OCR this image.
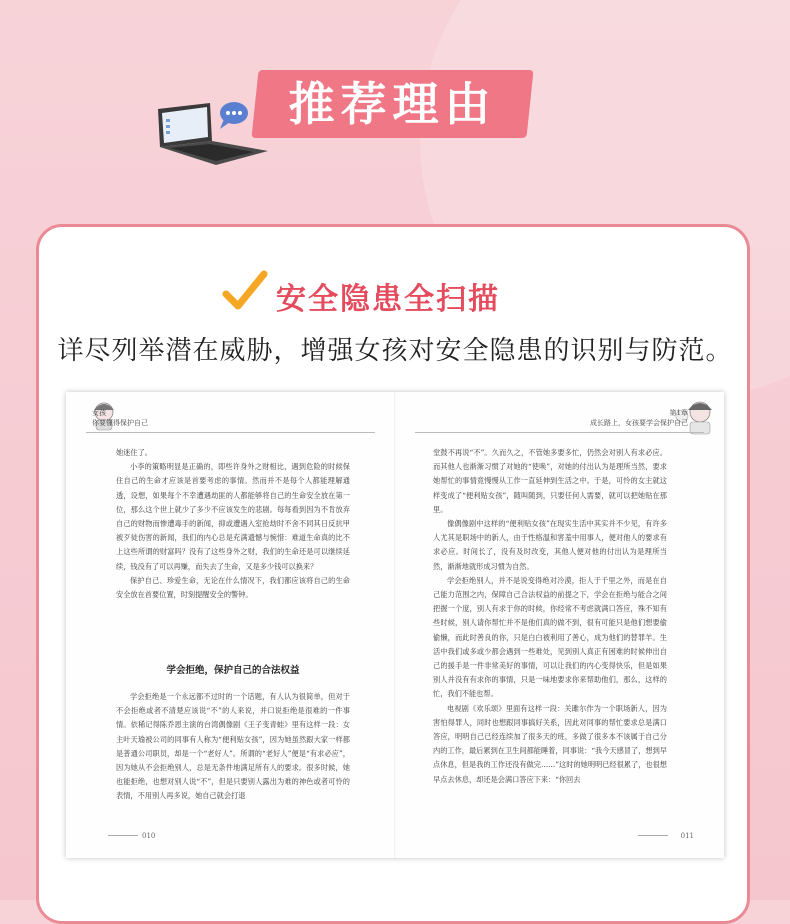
推荐理由
安全隐患全扫描
详尽列举潜在威胁，增强女孩对安全隐患的识别与防范。
女孩
你要懂得保护自己

她迷住了。

小李的策略明显是正确的，即些许身外之财相比，遇到危险的时候保住自己的生命才应该是首要考虑的事情。然而并不是每个人都能理解通透，设想，如果每个不幸遭遇劫匪的人都能够将自己的生命安全放在第一位，那么这个世上就少了多少不应该发生的悲剧。每每看到因为不肯放弃自己的财物而惨遭毒手的新闻，抑或遭遇入室抢劫时不舍不同其日反抗甲被歹徒伤害的新闻，我们的内心总是充满遗憾与惋惜：难道生命真的比不上这些所谓的财富吗？没有了这些身外之财，我们的生命还是可以继续延续，钱没有了可以再赚，而失去了生命，又是多少钱可以换来？

保护自己、珍爱生命，无论在什么情况下，我们都应该将自己的生命安全放在首要位置，时刻提醒安全的警钟。

学会拒绝，保护自己的合法权益

学会拒绝是一个永远都不过时的一个话题，有人认为很简单，但对于不会拒绝或者不清楚应该说“不”的人来说，并口说拒绝是很难的一件事情。依稀记得陈乔恩主演的台湾偶像剧《王子变青蛙》里有这样一段：女主叶天瑜被公司的同事有人称为“便利贴女孩”，因为她虽然跟大家一样都是普通公司职员，却是一个“老好人”。所谓的“老好人”便是“有求必应”，因为她从不会拒绝别人，总是无条件地满足所有人的要求。很多时候，她也能拒绝，也想对别人说“不”，但是只要别人露出为难的神色或者可怜的表情，不用别人再多说，她自己就会打退

010
第1章
成长路上，女孩要学会保护自己

堂鼓不再说“不”。久而久之，不管她多要多忙，仍然会对别人有求必应。而其他人也渐渐习惯了对她的“使唤”，对她的付出认为是理所当然，要求她帮忙的事情竟慢慢从工作一直延伸到生活之中。于是，可怜的女主就这样变成了“便利贴女孩”，随叫随到，只要任何人需要，就可以把她贴在那里。

像偶像剧中这样的“便利贴女孩”在现实生活中其实并不少见，有许多人尤其是职场中的新人，由于性格温和害羞中用事人，便对他人的要求有求必应。时间长了，没有及时改变，其他人便对他的付出认为是理所当然，渐渐地就形成习惯为自然。

学会拒绝别人，并不是说变得绝对冷漠，拒人于千里之外，而是在自己能力范围之内，保障自己合法权益的前提之下，学会在拒绝与能合之间把握一个度，别人有求于你的时候，你经常不考虑就满口答应，殊不知有些时候，别人请你帮忙并不是他们真的做不到，很有可能只是他们想要偷偷懒，而此时善良的你，只是白白被利用了善心，成为他们的替罪羊。生活中我们或多或少都会遇到一些难处，见到别人真正有困难的时候伸出自己的援手是一件非常美好的事情，可以让我们的内心变得快乐，但是如果别人并没有有求你的事情，只是一味地要求你来帮助他们，那么，这样的忙，我们不能也帮。

电视剧《欢乐颂》里面有这样一段：关雎尔作为一个职场新人，因为害怕得罪人，同时也想跟同事搞好关系，因此对同事的帮忙要求总是满口答应，明明自己已经连续加了很多天的班，多做了很多本不该属于自己分内的工作，最后累到在卫生间都能睡着，同事说：“我今天感冒了，想到早点休息，但是我的工作还没有做完……”这时的她明明已经很累了，也很想早点去休息，却还是会满口答应下来：“你回去

011
